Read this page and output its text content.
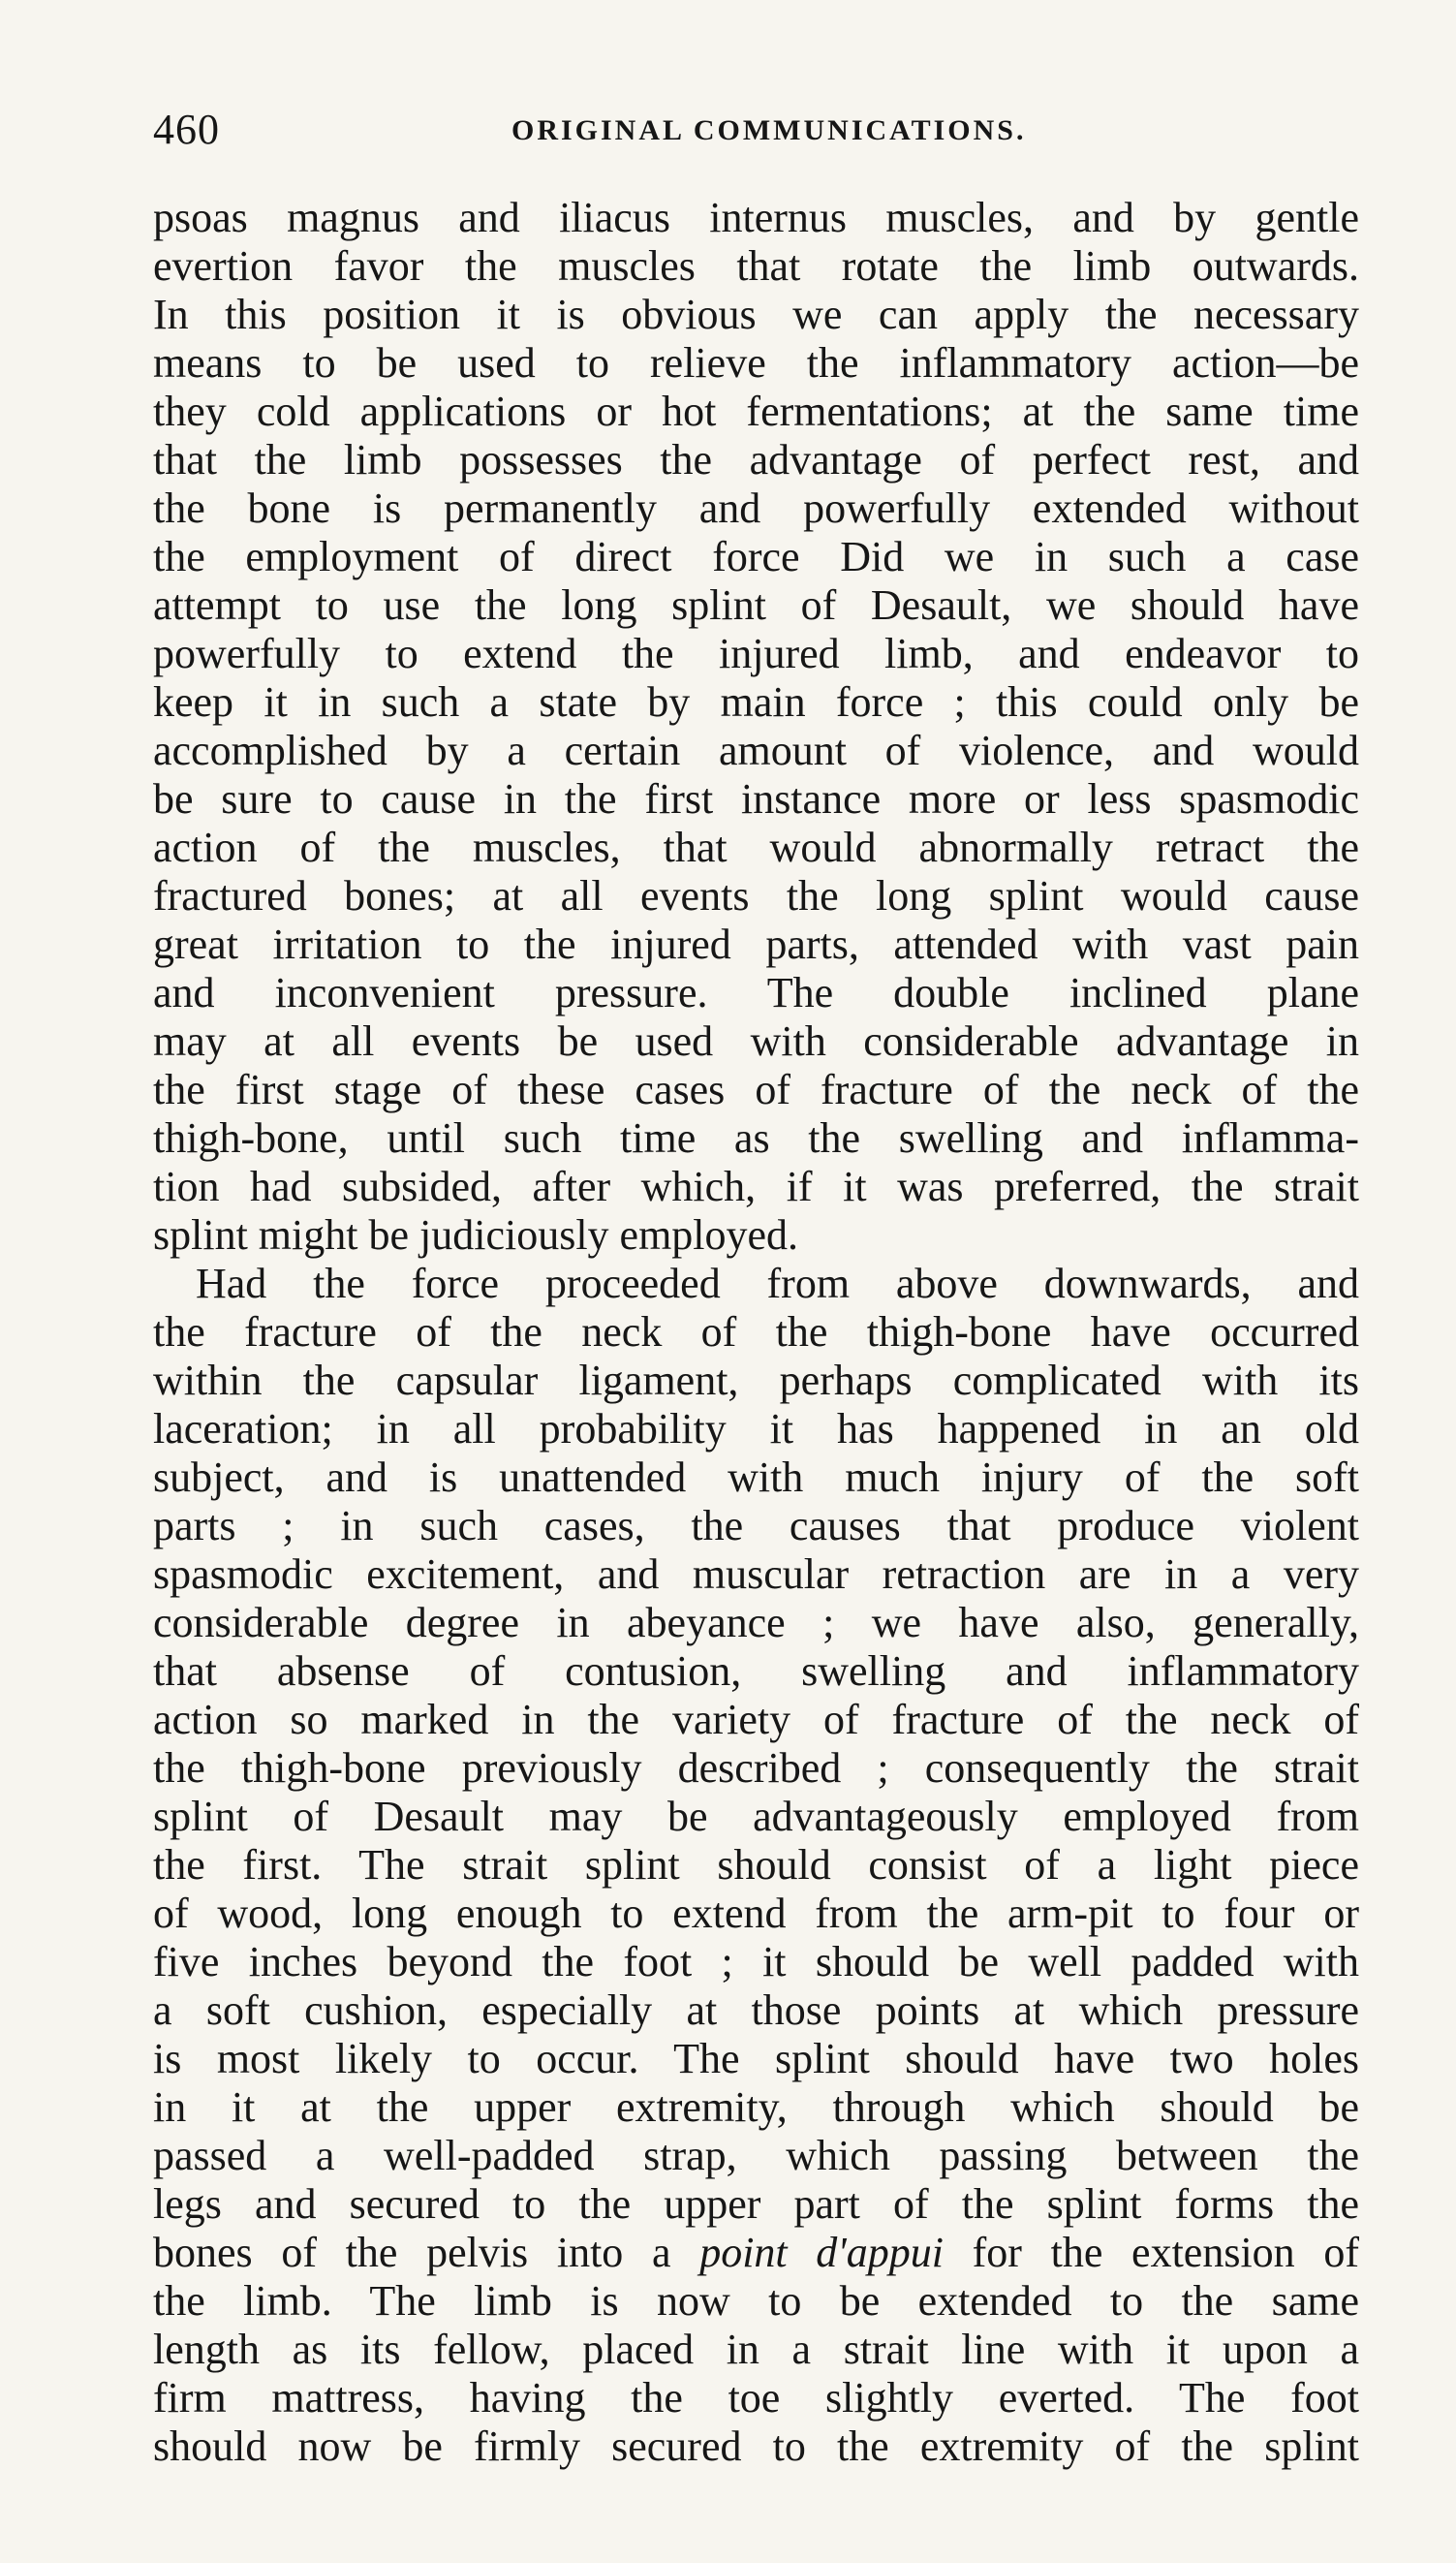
460	ORIGINAL COMMUNICATIONS.
psoas magnus and iliacus internus muscles, and by gentle
evertion favor the muscles that rotate the limb outwards.
In this position it is obvious we can apply the necessary
means to be used to relieve the inflammatory action—be
they cold applications or hot fermentations; at the same time
that the limb possesses the advantage of perfect rest, and
the bone is permanently and powerfully extended without
the employment of direct force Did we in such a case
attempt to use the long splint of Desault, we should have
powerfully to extend the injured limb, and endeavor to
keep it in such a state by main force ; this could only be
accomplished by a certain amount of violence, and would
be sure to cause in the first instance more or less spasmodic
action of the muscles, that would abnormally retract the
fractured bones; at all events the long splint would cause
great irritation to the injured parts, attended with vast pain
and inconvenient pressure. The double inclined plane
may at all events be used with considerable advantage in
the first stage of these cases of fracture of the neck of the
thigh-bone, until such time as the swelling and inflamma-
tion had subsided, after which, if it was preferred, the strait
splint might be judiciously employed.
Had the force proceeded from above downwards, and
the fracture of the neck of the thigh-bone have occurred
within the capsular ligament, perhaps complicated with its
laceration; in all probability it has happened in an old
subject, and is unattended with much injury of the soft
parts ; in such cases, the causes that produce violent
spasmodic excitement, and muscular retraction are in a very
considerable degree in abeyance ; we have also, generally,
that absense of contusion, swelling and inflammatory
action so marked in the variety of fracture of the neck of
the thigh-bone previously described ; consequently the strait
splint of Desault may be advantageously employed from
the first. The strait splint should consist of a light piece
of wood, long enough to extend from the arm-pit to four or
five inches beyond the foot ; it should be well padded with
a soft cushion, especially at those points at which pressure
is most likely to occur. The splint should have two holes
in it at the upper extremity, through which should be
passed a well-padded strap, which passing between the
legs and secured to the upper part of the splint forms the
bones of the pelvis into a point d'appui for the extension of
the limb. The limb is now to be extended to the same
length as its fellow, placed in a strait line with it upon a
firm mattress, having the toe slightly everted. The foot
should now be firmly secured to the extremity of the splint
